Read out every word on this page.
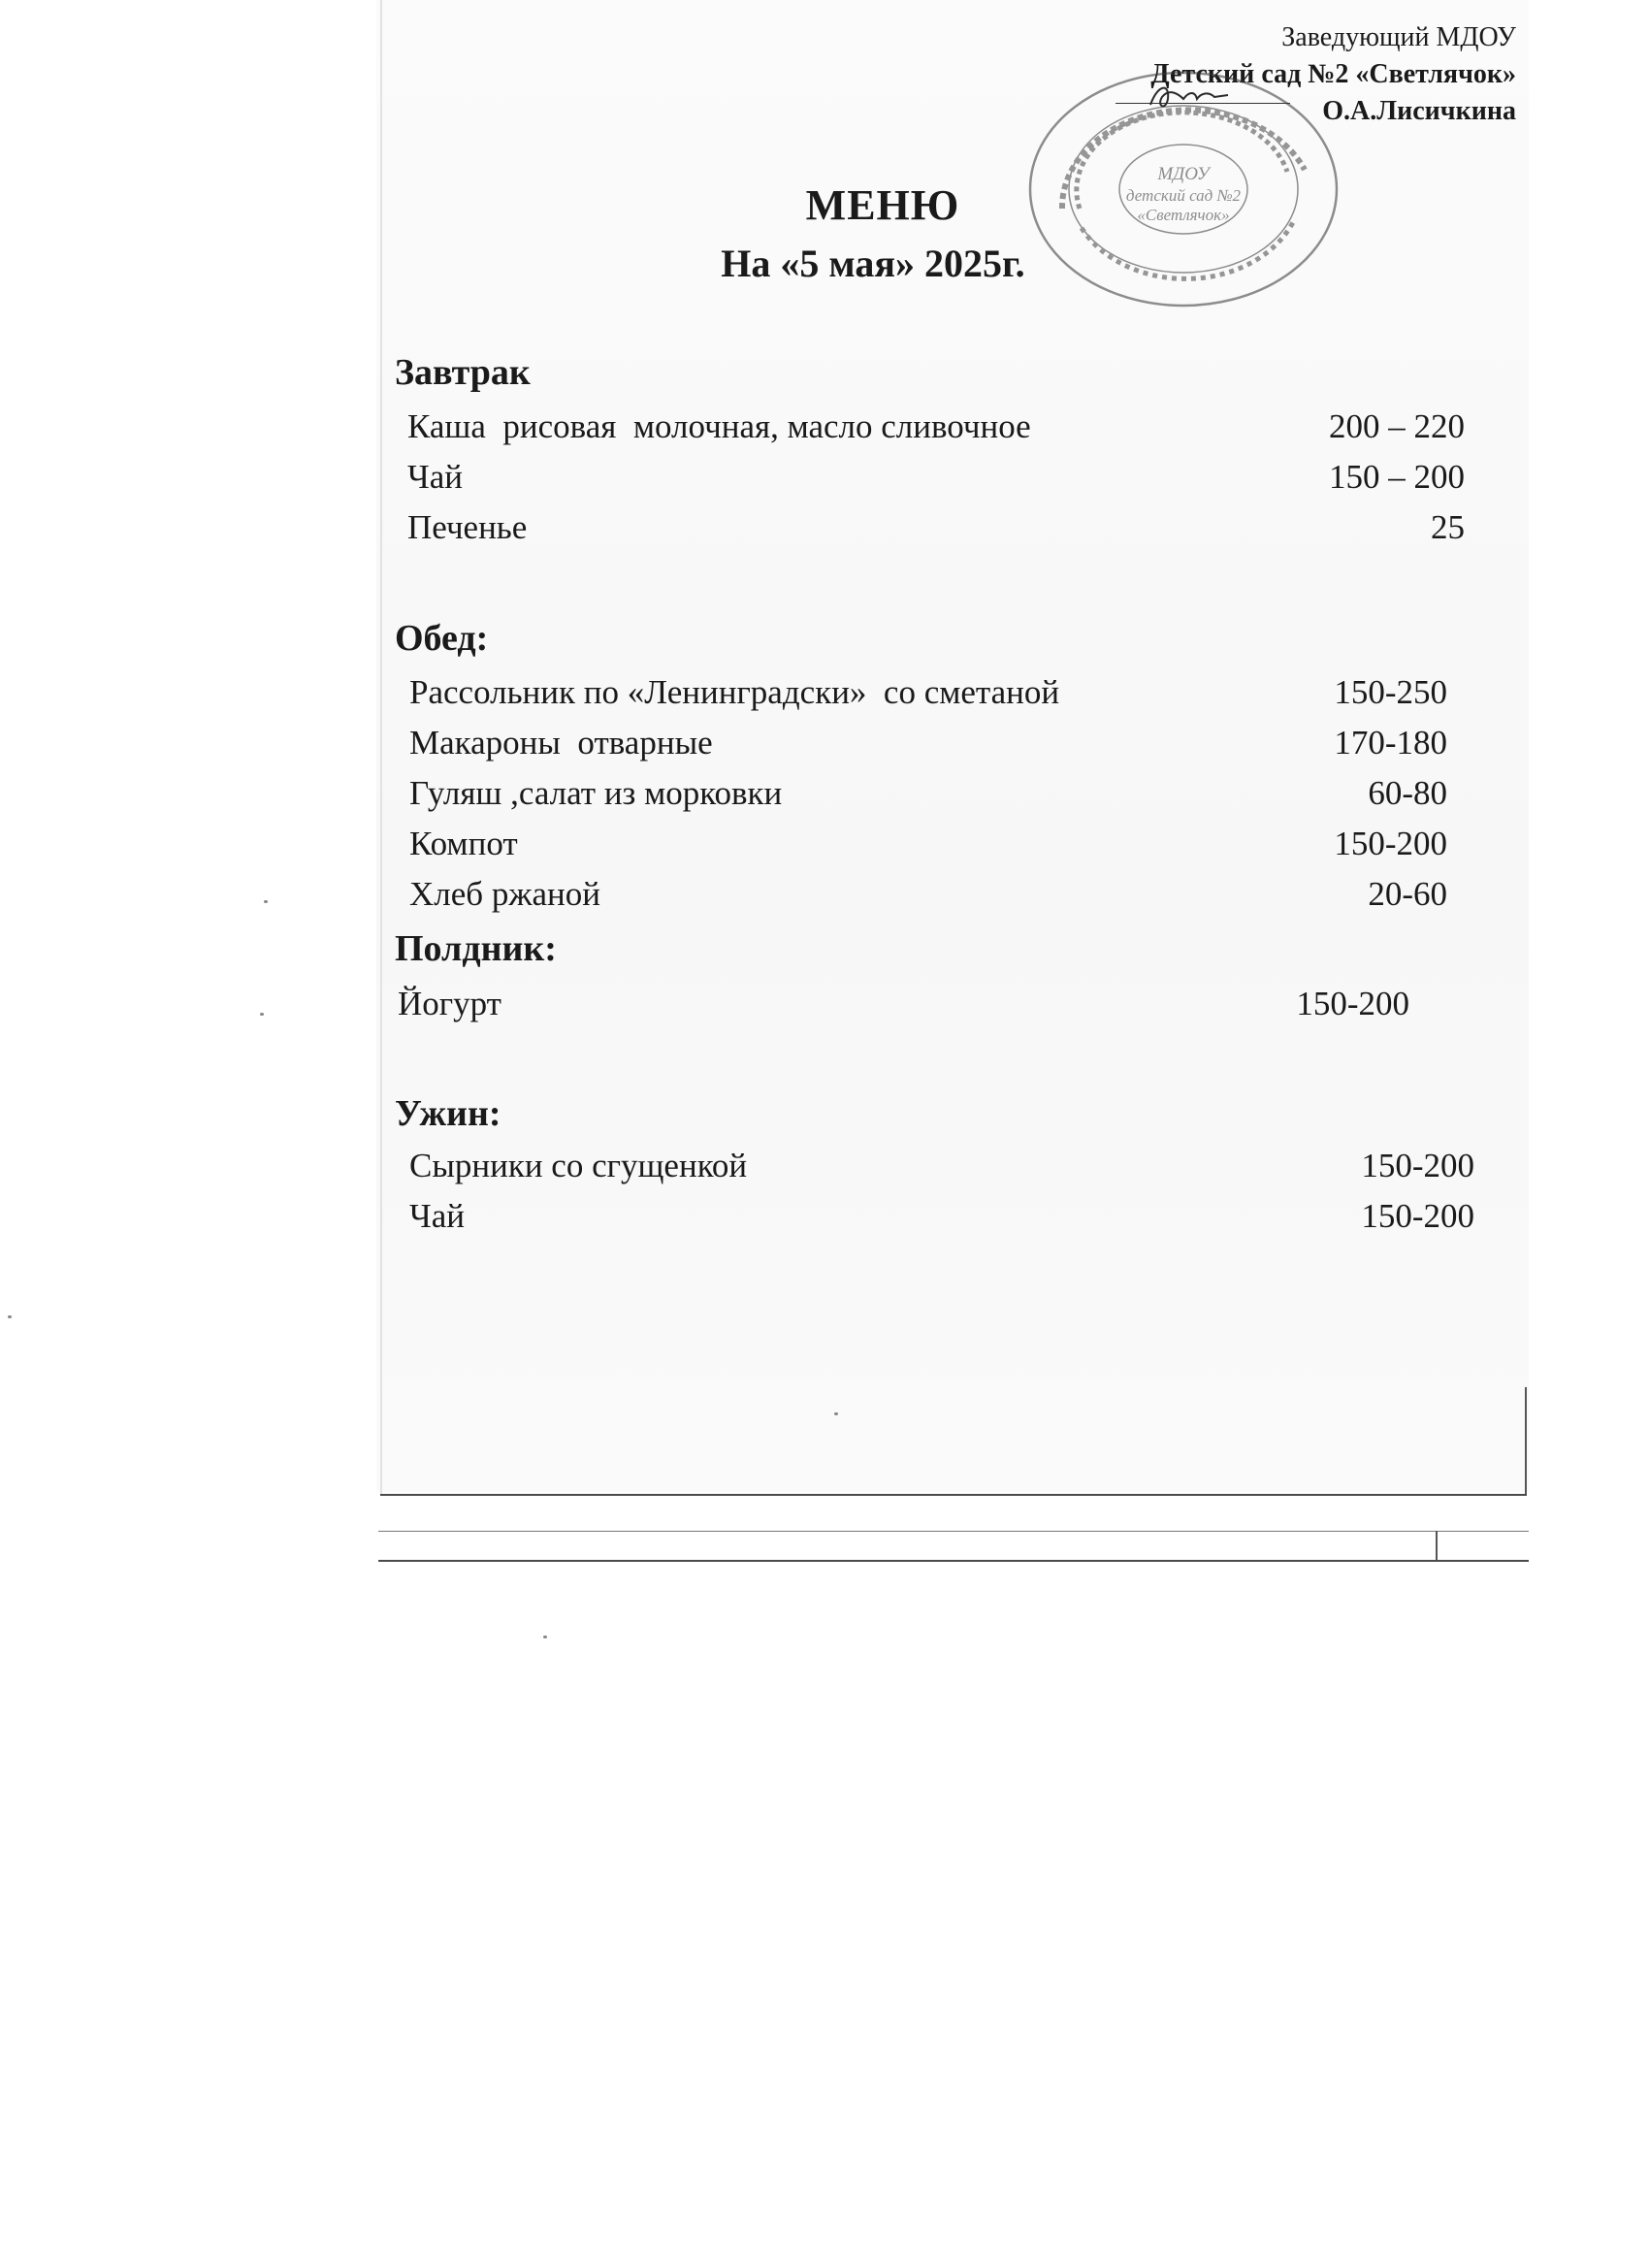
Заведующий МДОУ
Детский сад №2 «Светлячок»
О.А.Лисичкина
МДОУ
детский сад №2
«Светлячок»
МЕНЮ
На «5 мая» 2025г.
Завтрак
Каша  рисовая  молочная, масло сливочное	200 – 220
Чай	150 – 200
Печенье	25
Обед:
Рассольник по «Ленинградски»  со сметаной	150-250
Макароны  отварные	170-180
Гуляш ,салат из морковки	60-80
Компот	150-200
Хлеб ржаной	20-60
Полдник:
Йогурт	150-200
Ужин:
Сырники со сгущенкой	150-200
Чай	150-200
